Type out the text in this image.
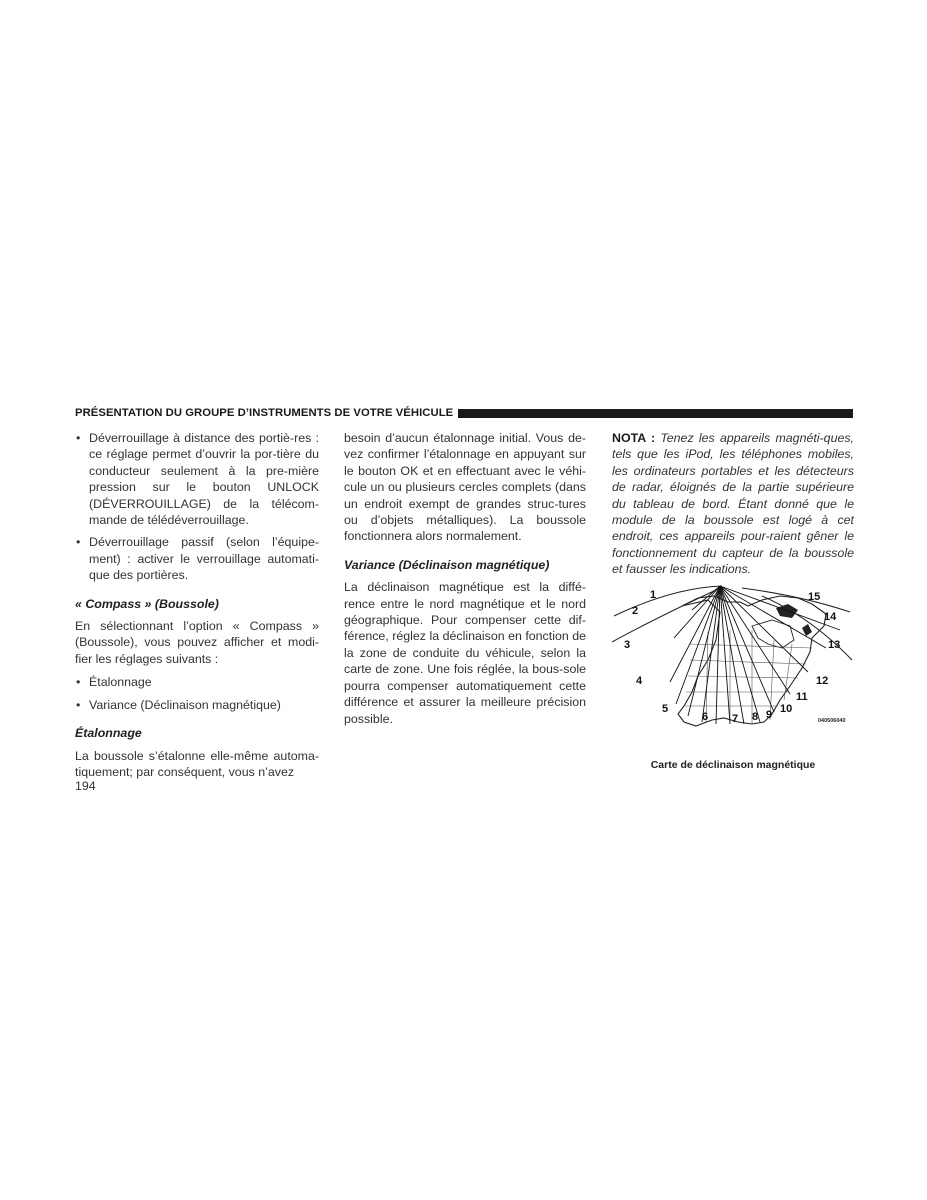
PRÉSENTATION DU GROUPE D’INSTRUMENTS DE VOTRE VÉHICULE
• Déverrouillage à distance des portiè-res : ce réglage permet d’ouvrir la por-tière du conducteur seulement à la pre-mière pression sur le bouton UNLOCK (DÉVERROUILLAGE) de la télécom-mande de télédéverrouillage.
• Déverrouillage passif (selon l’équipe-ment) : activer le verrouillage automati-que des portières.
« Compass » (Boussole)

En sélectionnant l’option « Compass » (Boussole), vous pouvez afficher et modi-fier les réglages suivants :

• Étalonnage
• Variance (Déclinaison magnétique)
Étalonnage

La boussole s’étalonne elle-même automa-tiquement; par conséquent, vous n’avez

besoin d’aucun étalonnage initial. Vous de-vez confirmer l’étalonnage en appuyant sur le bouton OK et en effectuant avec le véhi-cule un ou plusieurs cercles complets (dans un endroit exempt de grandes struc-tures ou d’objets métalliques). La boussole fonctionnera alors normalement.

Variance (Déclinaison magnétique)

La déclinaison magnétique est la diffé-rence entre le nord magnétique et le nord géographique. Pour compenser cette dif-férence, réglez la déclinaison en fonction de la zone de conduite du véhicule, selon la carte de zone. Une fois réglée, la bous-sole pourra compenser automatiquement cette différence et assurer la meilleure précision possible.

NOTA : Tenez les appareils magnéti-ques, tels que les iPod, les téléphones mobiles, les ordinateurs portables et les détecteurs de radar, éloignés de la partie supérieure du tableau de bord. Étant donné que le module de la boussole est logé à cet endroit, ces appareils pour-raient gêner le fonctionnement du capteur de la boussole et fausser les indications.

1
2
3
4
5
6 7 8 9 10
11
12
13
14
15
040506040
Carte de déclinaison magnétique
194
